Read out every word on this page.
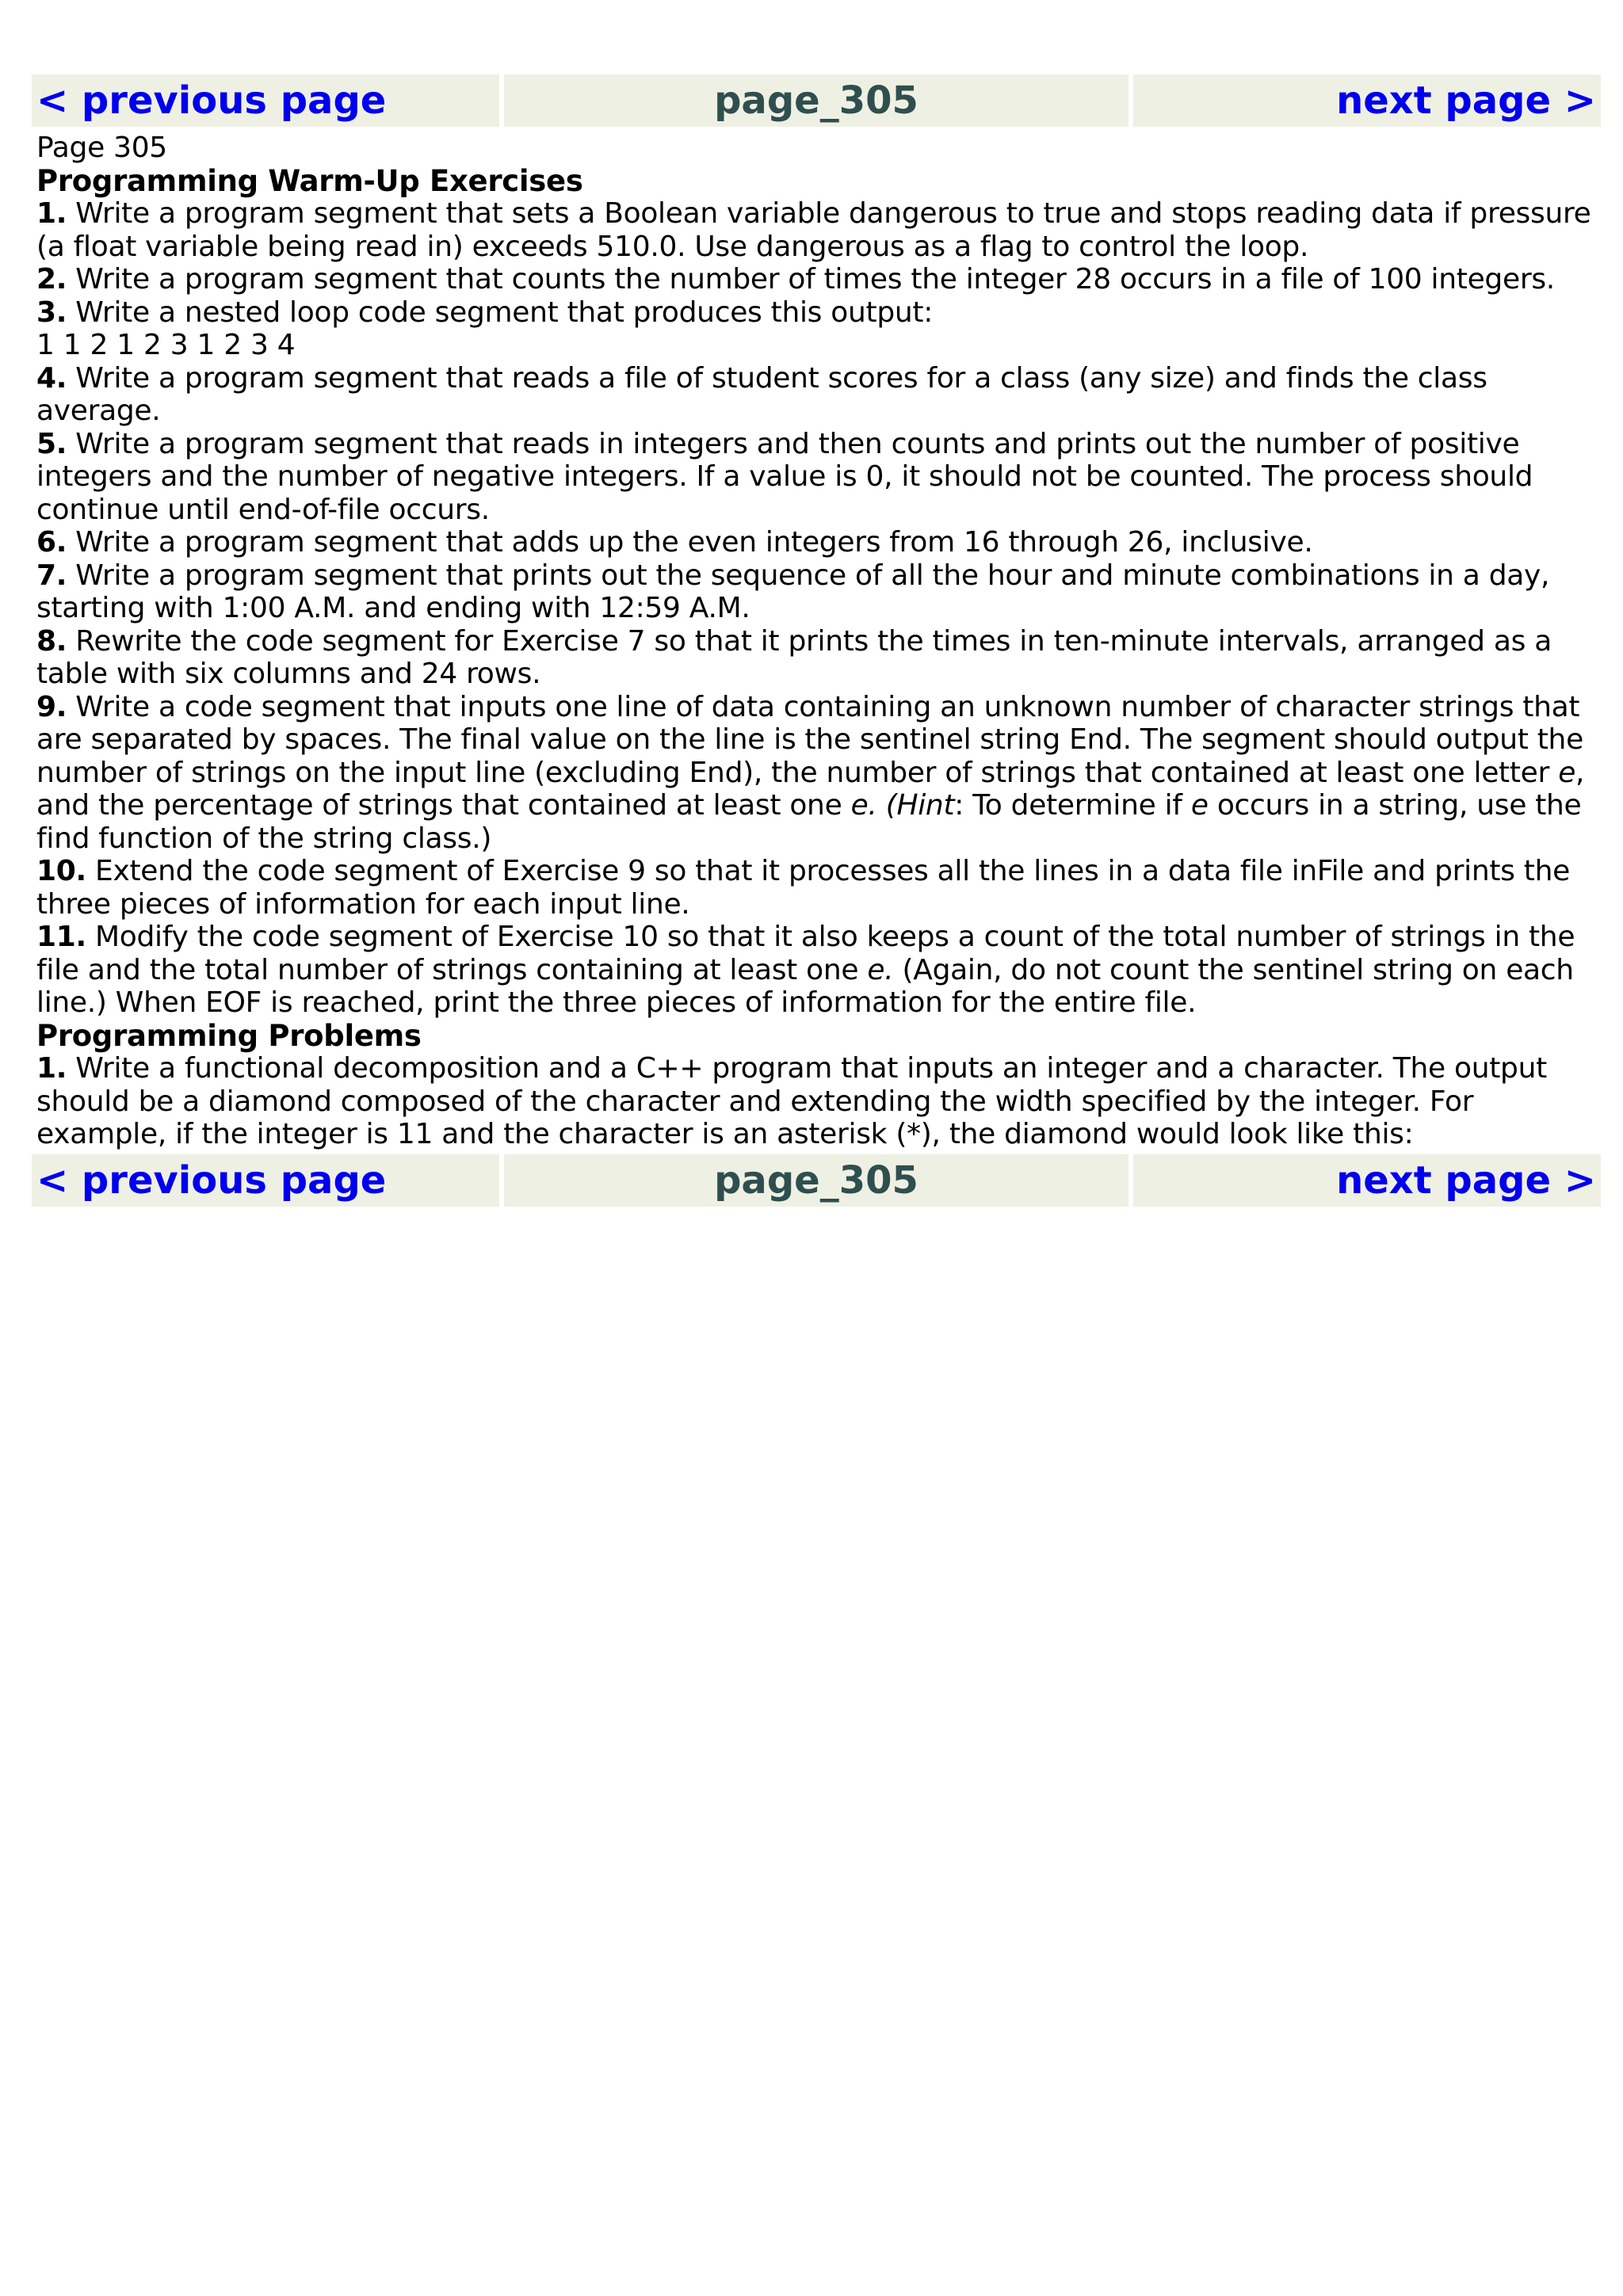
< previous page	page_305	next page >
Page 305
Programming Warm-Up Exercises
1. Write a program segment that sets a Boolean variable dangerous to true and stops reading data if pressure (a float variable being read in) exceeds 510.0. Use dangerous as a flag to control the loop.
2. Write a program segment that counts the number of times the integer 28 occurs in a file of 100 integers.
3. Write a nested loop code segment that produces this output:
1 1 2 1 2 3 1 2 3 4
4. Write a program segment that reads a file of student scores for a class (any size) and finds the class average.
5. Write a program segment that reads in integers and then counts and prints out the number of positive integers and the number of negative integers. If a value is 0, it should not be counted. The process should continue until end-of-file occurs.
6. Write a program segment that adds up the even integers from 16 through 26, inclusive.
7. Write a program segment that prints out the sequence of all the hour and minute combinations in a day, starting with 1:00 A.M. and ending with 12:59 A.M.
8. Rewrite the code segment for Exercise 7 so that it prints the times in ten-minute intervals, arranged as a table with six columns and 24 rows.
9. Write a code segment that inputs one line of data containing an unknown number of character strings that are separated by spaces. The final value on the line is the sentinel string End. The segment should output the number of strings on the input line (excluding End), the number of strings that contained at least one letter e, and the percentage of strings that contained at least one e. (Hint: To determine if e occurs in a string, use the find function of the string class.)
10. Extend the code segment of Exercise 9 so that it processes all the lines in a data file inFile and prints the three pieces of information for each input line.
11. Modify the code segment of Exercise 10 so that it also keeps a count of the total number of strings in the file and the total number of strings containing at least one e. (Again, do not count the sentinel string on each line.) When EOF is reached, print the three pieces of information for the entire file.
Programming Problems
1. Write a functional decomposition and a C++ program that inputs an integer and a character. The output should be a diamond composed of the character and extending the width specified by the integer. For example, if the integer is 11 and the character is an asterisk (*), the diamond would look like this:
< previous page	page_305	next page >
